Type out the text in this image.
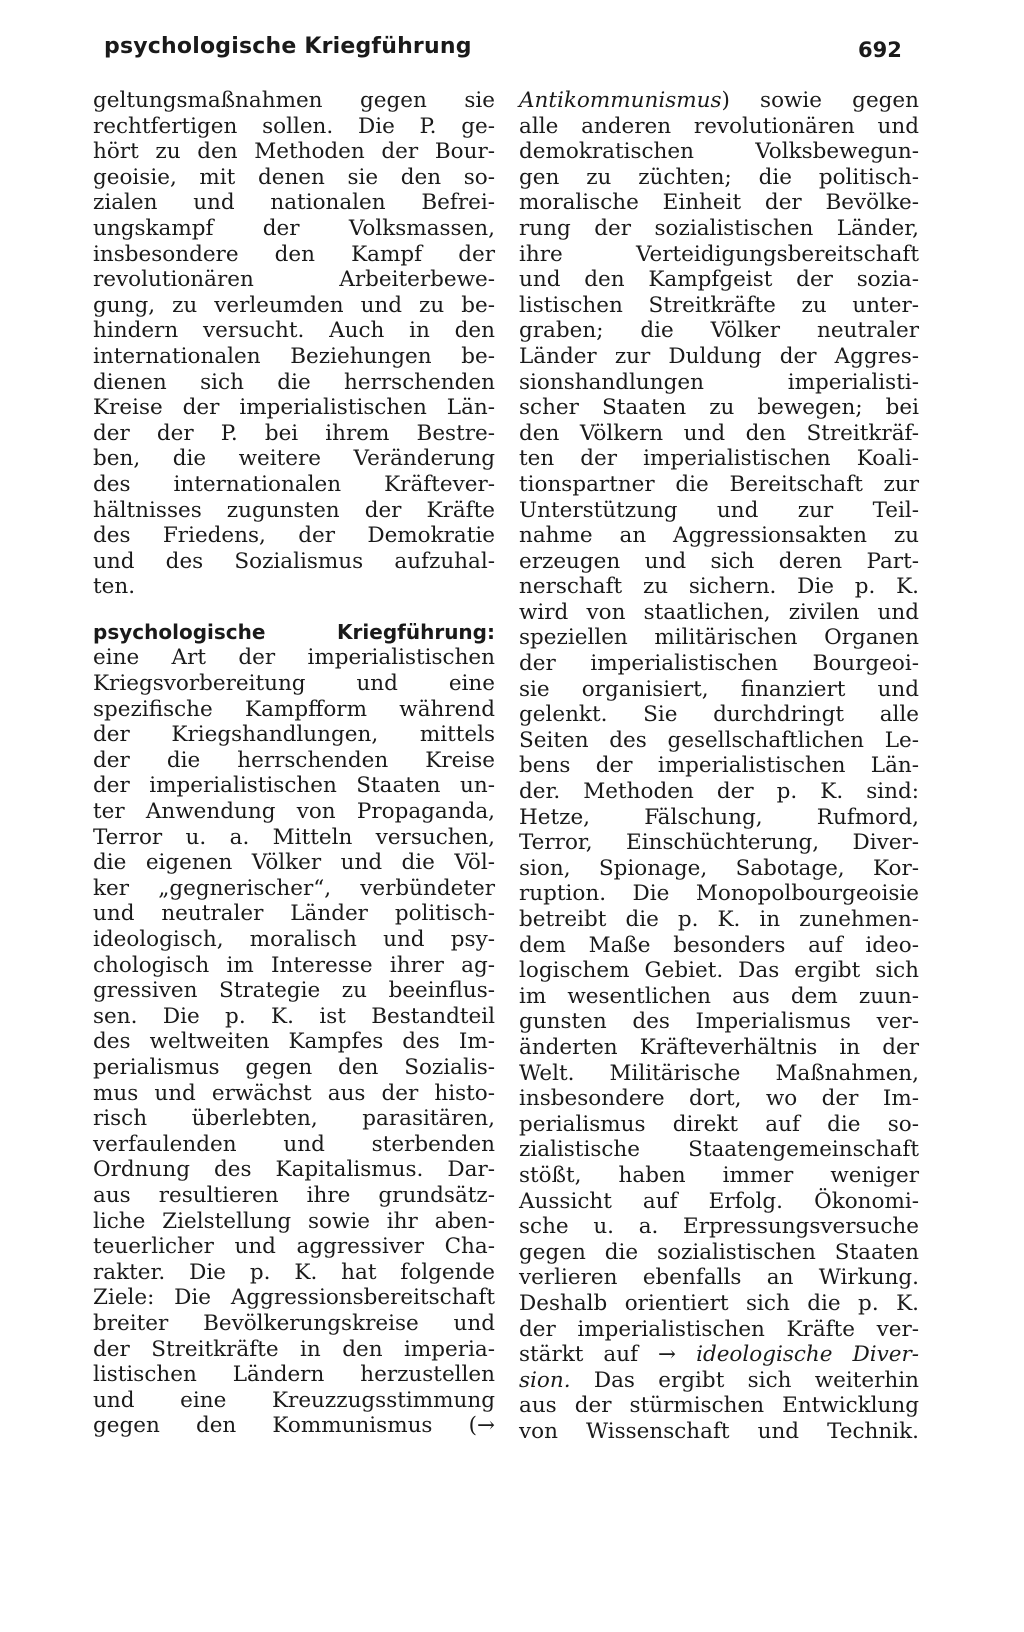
psychologische Kriegführung	692
geltungsmaßnahmen gegen sie
rechtfertigen sollen. Die P. ge-
hört zu den Methoden der Bour-
geoisie, mit denen sie den so-
zialen und nationalen Befrei-
ungskampf der Volksmassen,
insbesondere den Kampf der
revolutionären Arbeiterbewe-
gung, zu verleumden und zu be-
hindern versucht. Auch in den
internationalen Beziehungen be-
dienen sich die herrschenden
Kreise der imperialistischen Län-
der der P. bei ihrem Bestre-
ben, die weitere Veränderung
des internationalen Kräftever-
hältnisses zugunsten der Kräfte
des Friedens, der Demokratie
und des Sozialismus aufzuhal-
ten.
psychologische Kriegführung:
eine Art der imperialistischen
Kriegsvorbereitung und eine
spezifische Kampfform während
der Kriegshandlungen, mittels
der die herrschenden Kreise
der imperialistischen Staaten un-
ter Anwendung von Propaganda,
Terror u. a. Mitteln versuchen,
die eigenen Völker und die Völ-
ker „gegnerischer“, verbündeter
und neutraler Länder politisch-
ideologisch, moralisch und psy-
chologisch im Interesse ihrer ag-
gressiven Strategie zu beeinflus-
sen. Die p. K. ist Bestandteil
des weltweiten Kampfes des Im-
perialismus gegen den Sozialis-
mus und erwächst aus der histo-
risch überlebten, parasitären,
verfaulenden und sterbenden
Ordnung des Kapitalismus. Dar-
aus resultieren ihre grundsätz-
liche Zielstellung sowie ihr aben-
teuerlicher und aggressiver Cha-
rakter. Die p. K. hat folgende
Ziele: Die Aggressionsbereitschaft
breiter Bevölkerungskreise und
der Streitkräfte in den imperia-
listischen Ländern herzustellen
und eine Kreuzzugsstimmung
gegen den Kommunismus (→
Antikommunismus) sowie gegen
alle anderen revolutionären und
demokratischen Volksbewegun-
gen zu züchten; die politisch-
moralische Einheit der Bevölke-
rung der sozialistischen Länder,
ihre Verteidigungsbereitschaft
und den Kampfgeist der sozia-
listischen Streitkräfte zu unter-
graben; die Völker neutraler
Länder zur Duldung der Aggres-
sionshandlungen imperialisti-
scher Staaten zu bewegen; bei
den Völkern und den Streitkräf-
ten der imperialistischen Koali-
tionspartner die Bereitschaft zur
Unterstützung und zur Teil-
nahme an Aggressionsakten zu
erzeugen und sich deren Part-
nerschaft zu sichern. Die p. K.
wird von staatlichen, zivilen und
speziellen militärischen Organen
der imperialistischen Bourgeoi-
sie organisiert, finanziert und
gelenkt. Sie durchdringt alle
Seiten des gesellschaftlichen Le-
bens der imperialistischen Län-
der. Methoden der p. K. sind:
Hetze, Fälschung, Rufmord,
Terror, Einschüchterung, Diver-
sion, Spionage, Sabotage, Kor-
ruption. Die Monopolbourgeoisie
betreibt die p. K. in zunehmen-
dem Maße besonders auf ideo-
logischem Gebiet. Das ergibt sich
im wesentlichen aus dem zuun-
gunsten des Imperialismus ver-
änderten Kräfteverhältnis in der
Welt. Militärische Maßnahmen,
insbesondere dort, wo der Im-
perialismus direkt auf die so-
zialistische Staatengemeinschaft
stößt, haben immer weniger
Aussicht auf Erfolg. Ökonomi-
sche u. a. Erpressungsversuche
gegen die sozialistischen Staaten
verlieren ebenfalls an Wirkung.
Deshalb orientiert sich die p. K.
der imperialistischen Kräfte ver-
stärkt auf → ideologische Diver-
sion. Das ergibt sich weiterhin
aus der stürmischen Entwicklung
von Wissenschaft und Technik.
